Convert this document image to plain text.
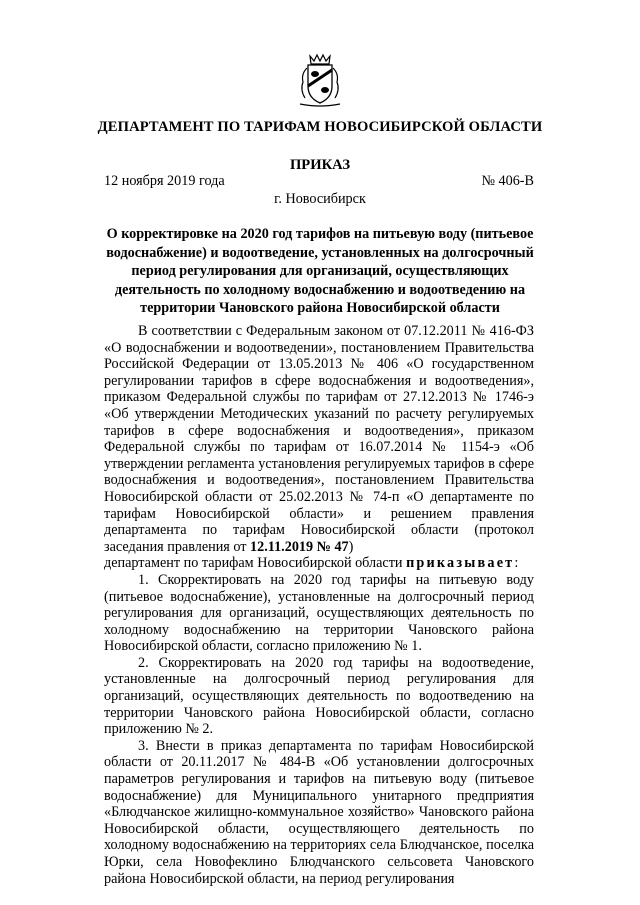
ДЕПАРТАМЕНТ ПО ТАРИФАМ НОВОСИБИРСКОЙ ОБЛАСТИ
ПРИКАЗ
12 ноября 2019 года	№ 406-В
г. Новосибирск
О корректировке на 2020 год тарифов на питьевую воду (питьевое водоснабжение) и водоотведение, установленных на долгосрочный период регулирования для организаций, осуществляющих деятельность по холодному водоснабжению и водоотведению на территории Чановского района Новосибирской области

В соответствии с Федеральным законом от 07.12.2011 № 416-ФЗ «О водоснабжении и водоотведении», постановлением Правительства Российской Федерации от 13.05.2013 № 406 «О государственном регулировании тарифов в сфере водоснабжения и водоотведения», приказом Федеральной службы по тарифам от 27.12.2013 № 1746-э «Об утверждении Методических указаний по расчету регулируемых тарифов в сфере водоснабжения и водоотведения», приказом Федеральной службы по тарифам от 16.07.2014 № 1154-э «Об утверждении регламента установления регулируемых тарифов в сфере водоснабжения и водоотведения», постановлением Правительства Новосибирской области от 25.02.2013 № 74-п «О департаменте по тарифам Новосибирской области» и решением правления департамента по тарифам Новосибирской области (протокол заседания правления от 12.11.2019 № 47)

департамент по тарифам Новосибирской области приказывает:

1. Скорректировать на 2020 год тарифы на питьевую воду (питьевое водоснабжение), установленные на долгосрочный период регулирования для организаций, осуществляющих деятельность по холодному водоснабжению на территории Чановского района Новосибирской области, согласно приложению № 1.

2. Скорректировать на 2020 год тарифы на водоотведение, установленные на долгосрочный период регулирования для организаций, осуществляющих деятельность по водоотведению на территории Чановского района Новосибирской области, согласно приложению № 2.

3. Внести в приказ департамента по тарифам Новосибирской области от 20.11.2017 № 484-В «Об установлении долгосрочных параметров регулирования и тарифов на питьевую воду (питьевое водоснабжение) для Муниципального унитарного предприятия «Блюдчанское жилищно-коммунальное хозяйство» Чановского района Новосибирской области, осуществляющего деятельность по холодному водоснабжению на территориях села Блюдчанское, поселка Юрки, села Новофеклино Блюдчанского сельсовета Чановского района Новосибирской области, на период регулирования
